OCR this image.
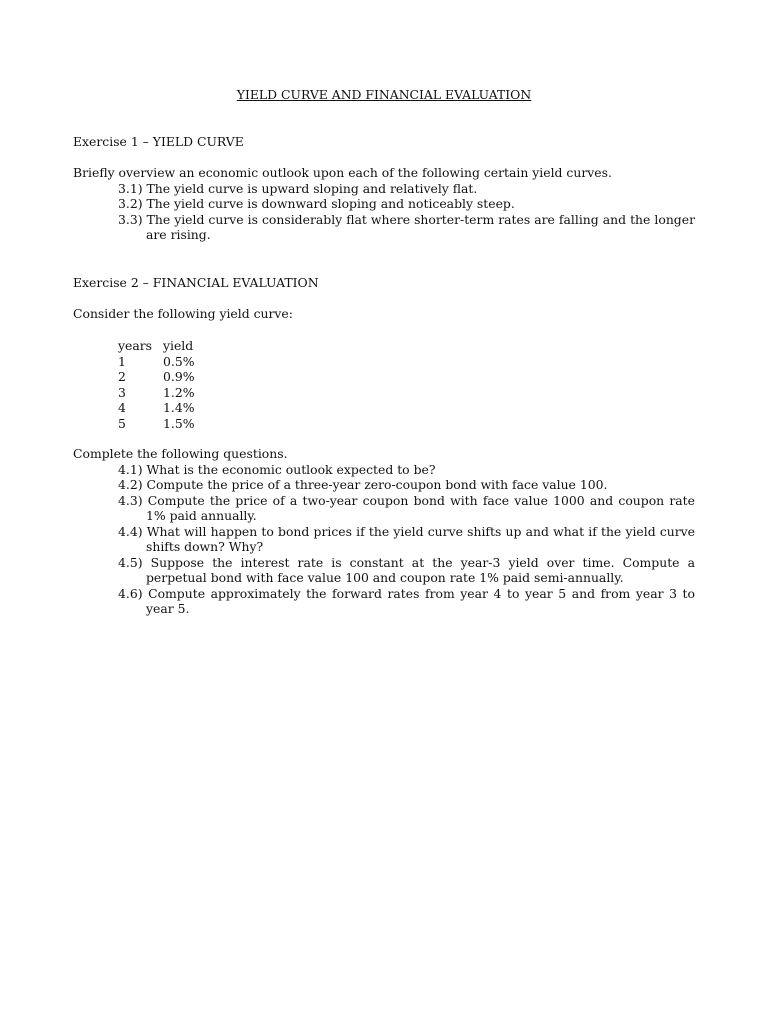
YIELD CURVE AND FINANCIAL EVALUATION

Exercise 1 – YIELD CURVE

Briefly overview an economic outlook upon each of the following certain yield curves.

3.1) The yield curve is upward sloping and relatively flat.

3.2) The yield curve is downward sloping and noticeably steep.

3.3) The yield curve is considerably flat where shorter-term rates are falling and the longer are rising.

Exercise 2 – FINANCIAL EVALUATION

Consider the following yield curve:

years yield
1	0.5%
2	0.9%
3	1.2%
4	1.4%
5	1.5%

Complete the following questions.

4.1) What is the economic outlook expected to be?

4.2) Compute the price of a three-year zero-coupon bond with face value 100.

4.3) Compute the price of a two-year coupon bond with face value 1000 and coupon rate 1% paid annually.

4.4) What will happen to bond prices if the yield curve shifts up and what if the yield curve shifts down? Why?

4.5) Suppose the interest rate is constant at the year-3 yield over time. Compute a perpetual bond with face value 100 and coupon rate 1% paid semi-annually.

4.6) Compute approximately the forward rates from year 4 to year 5 and from year 3 to year 5.
